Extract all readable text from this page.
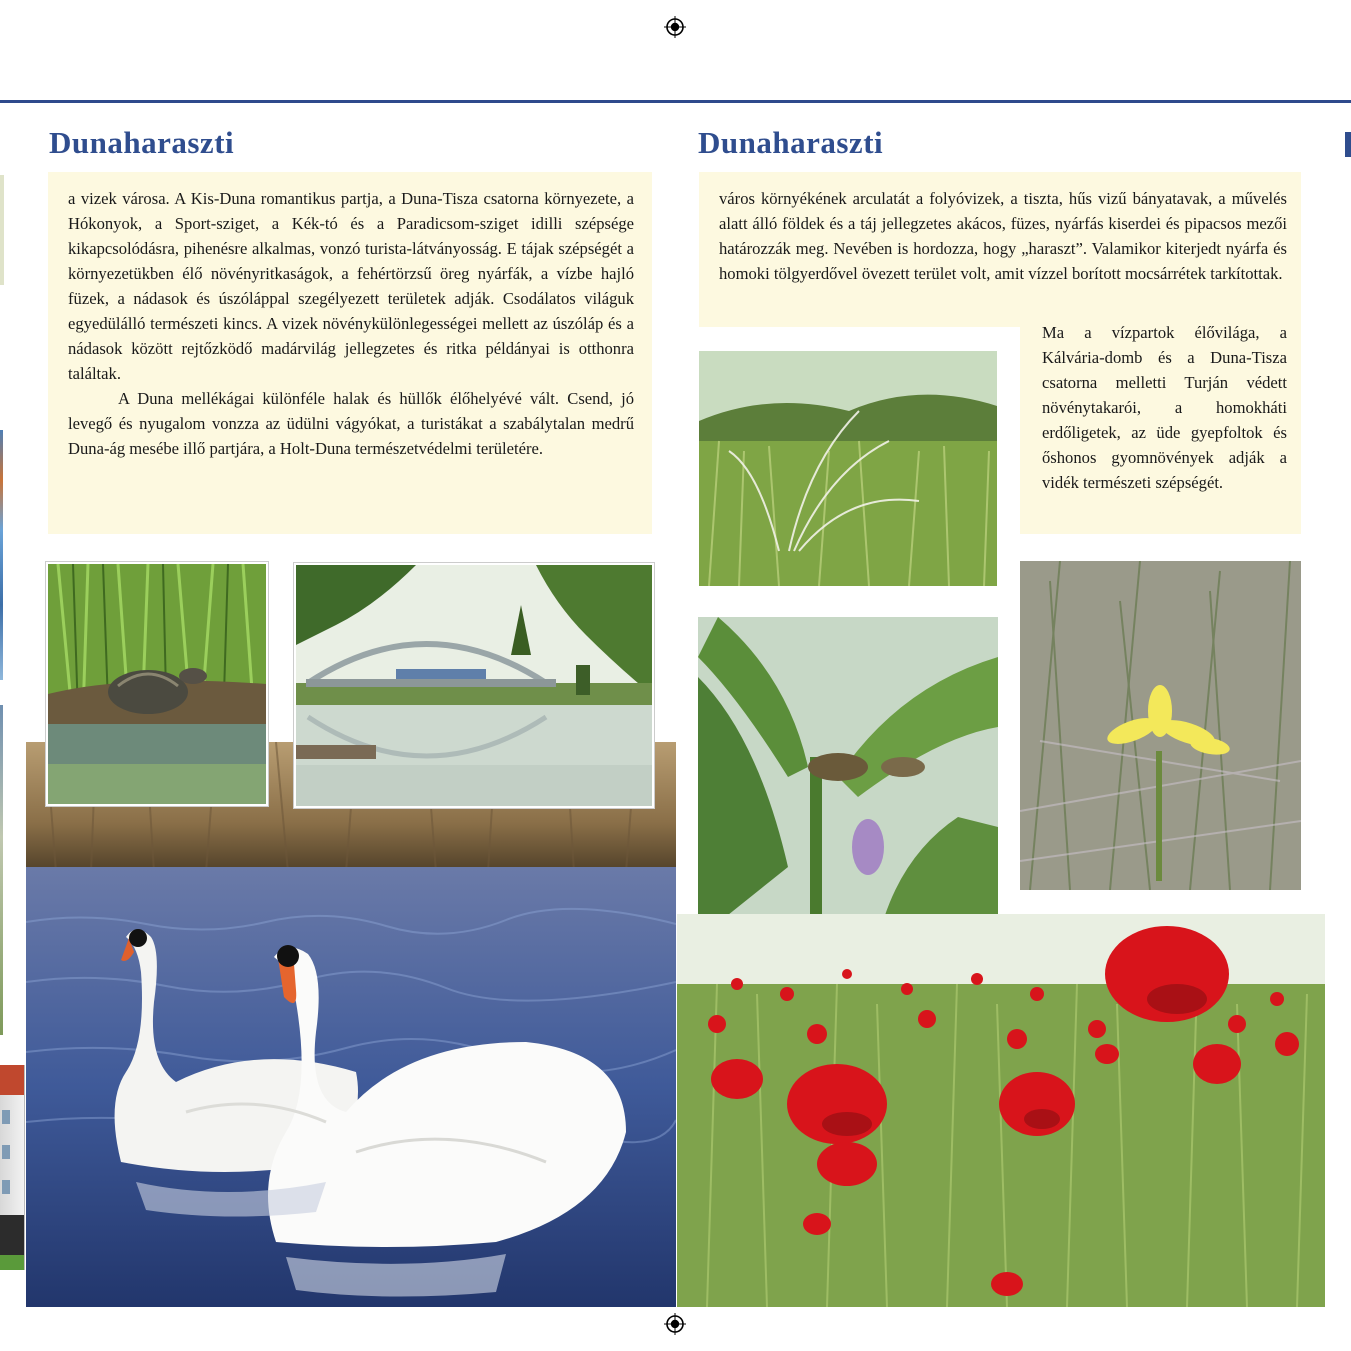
Dunaharaszti

a vizek városa. A Kis-Duna romantikus partja, a Duna-Tisza csatorna környezete, a Hókonyok, a Sport-sziget, a Kék-tó és a Paradicsom-sziget idilli szépsége kikapcsolódásra, pihenésre alkalmas, vonzó turista-látványosság. E tájak szépségét a környezetükben élő növényritkaságok, a fehértörzsű öreg nyárfák, a vízbe hajló füzek, a nádasok és úszóláppal szegélyezett területek adják. Csodálatos világuk egyedülálló természeti kincs. A vizek növénykülönlegességei mellett az úszóláp és a nádasok között rejtőzködő madárvilág jellegzetes és ritka példányai is otthonra találtak.

A Duna mellékágai különféle halak és hüllők élőhelyévé vált. Csend, jó levegő és nyugalom vonzza az üdülni vágyókat, a turistákat a szabálytalan medrű Duna-ág mesébe illő partjára, a Holt-Duna természetvédelmi területére.

Dunaharaszti

város környékének arculatát a folyóvizek, a tiszta, hűs vizű bányatavak, a művelés alatt álló földek és a táj jellegzetes akácos, füzes, nyárfás kiserdei és pipacsos mezői határozzák meg. Nevében is hordozza, hogy „haraszt”. Valamikor kiterjedt nyárfa és homoki tölgyerdővel övezett terület volt, amit vízzel borított mocsárrétek tarkítottak.

Ma a vízpartok élővilága, a Kálvária-domb és a Duna-Tisza csatorna melletti Turján védett növénytakarói, a homokháti erdőligetek, az üde gyepfoltok és őshonos gyomnövények adják a vidék természeti szépségét.
